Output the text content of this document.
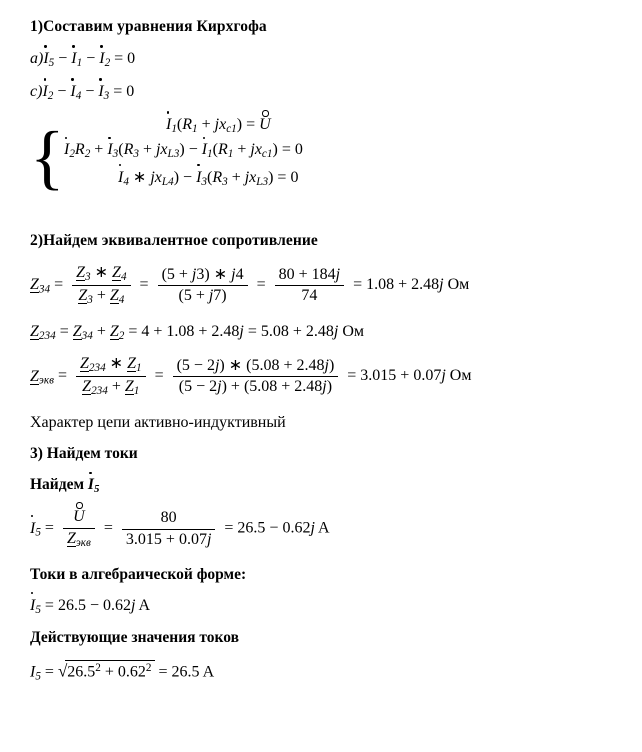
1)Составим уравнения Кирхгофа
a)I5 − I1 − I2 = 0
c)I2 − I4 − I3 = 0
{	I1(R1 + jxc1) = U
I2R2 + I3(R3 + jxL3) − I1(R1 + jxc1) = 0
I4 ∗ jxL4) − I3(R3 + jxL3) = 0
2)Найдем эквивалентное сопротивление
$Z34 = \frac{Z3 ∗ Z4}{Z3 + Z4} = \frac{(5 + j3) ∗ j4}{(5 + j7)} = \frac{80 + 184j}{74} = 1.08 + 2.48j$ Ом
Z234 = Z34 + Z2 = 4 + 1.08 + 2.48j = 5.08 + 2.48j Ом
Zэкв = $\frac{Z234 ∗ Z1}{Z234 + Z1} = \frac{(5 - 2j) ∗ (5.08 + 2.48j)}{(5 - 2j) + (5.08 + 2.48j)} = 3.015 + 0.07j$ Ом
Характер цепи активно-индуктивный
3) Найдем токи
Найдем I5
$I5 = \frac{U}{\text{Zэкв}} = \frac{80}{3.015 + 0.07j} = 26.5 - 0.62j$ A
Токи в алгебраической форме:
I5 = 26.5 − 0.62j A
Действующие значения токов
$I5 = √26.5^2 + 0.62^2 = 26.5$ A
